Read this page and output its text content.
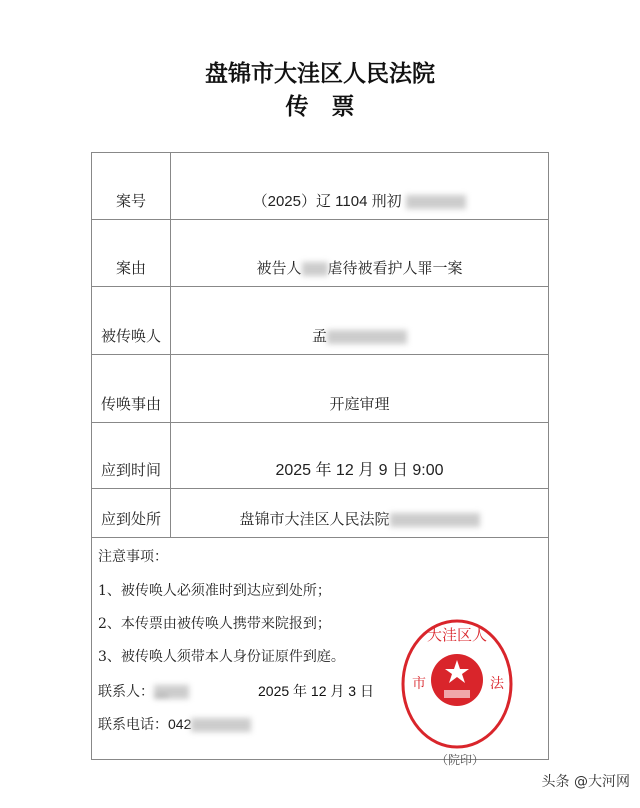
盘锦市大洼区人民法院
传　票
案号	（2025）辽 1104 刑初
案由	被告人 虐待被看护人罪一案
被传唤人	孟
传唤事由	开庭审理
应到时间	2025 年 12 月 9 日 9:00
应到处所	盘锦市大洼区人民法院
注意事项：
1、被传唤人必须准时到达应到处所；
2、本传票由被传唤人携带来院报到；
3、被传唤人须带本人身份证原件到庭。
联系人：…
联系电话：042
大洼区人
市	法
2025 年 12 月 3 日
（院印）
头条 @大河网
